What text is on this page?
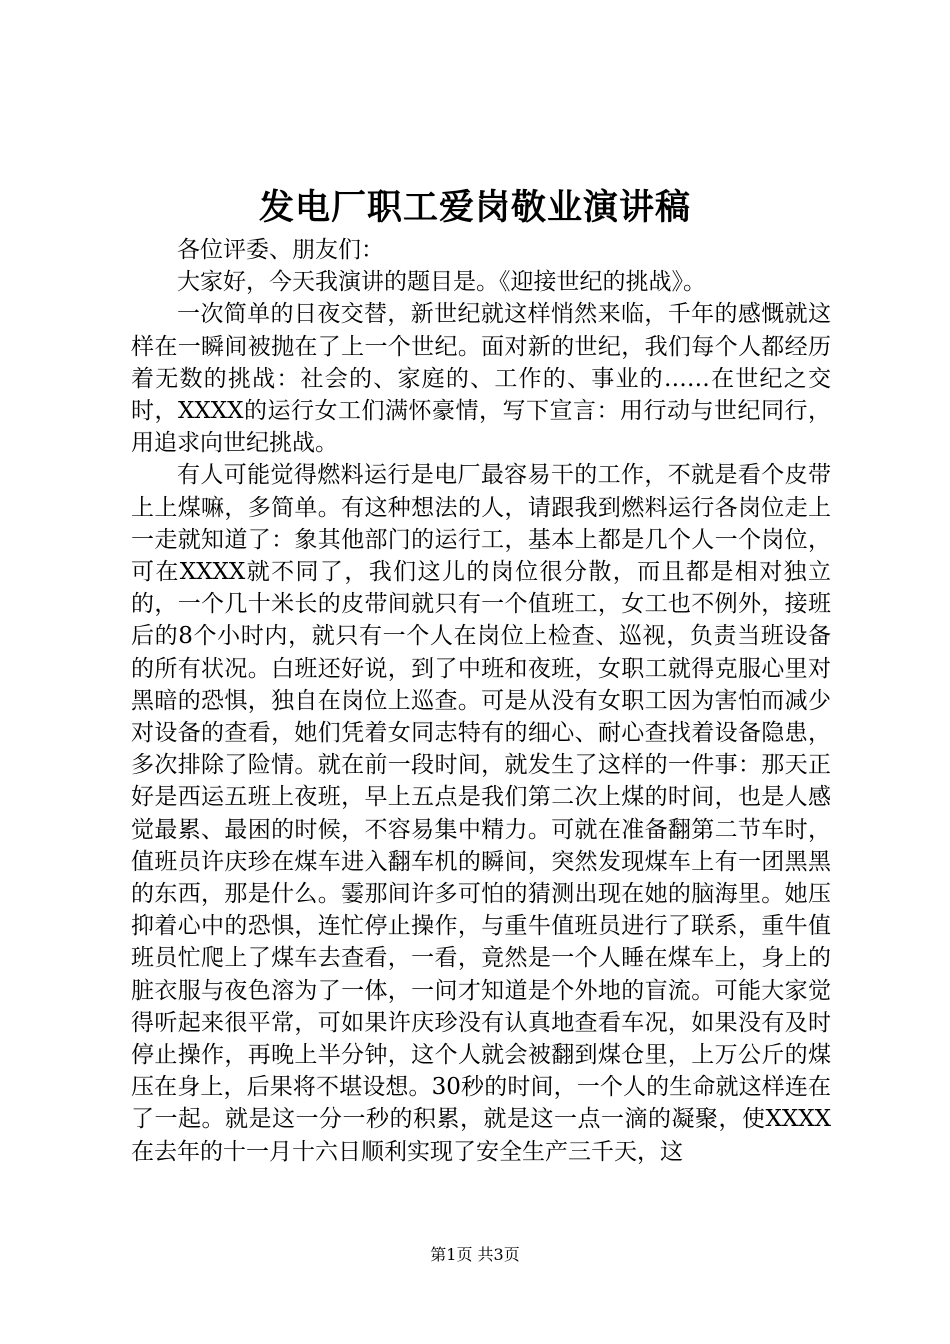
发电厂职工爱岗敬业演讲稿

各位评委、朋友们：

大家好，今天我演讲的题目是。《迎接世纪的挑战》。

一次简单的日夜交替，新世纪就这样悄然来临，千年的感慨就这样在一瞬间被抛在了上一个世纪。面对新的世纪，我们每个人都经历着无数的挑战：社会的、家庭的、工作的、事业的……在世纪之交时，XXXX的运行女工们满怀豪情，写下宣言：用行动与世纪同行，用追求向世纪挑战。

有人可能觉得燃料运行是电厂最容易干的工作，不就是看个皮带上上煤嘛，多简单。有这种想法的人，请跟我到燃料运行各岗位走上一走就知道了：象其他部门的运行工，基本上都是几个人一个岗位，可在XXXX就不同了，我们这儿的岗位很分散，而且都是相对独立的，一个几十米长的皮带间就只有一个值班工，女工也不例外，接班后的8个小时内，就只有一个人在岗位上检查、巡视，负责当班设备的所有状况。白班还好说，到了中班和夜班，女职工就得克服心里对黑暗的恐惧，独自在岗位上巡查。可是从没有女职工因为害怕而减少对设备的查看，她们凭着女同志特有的细心、耐心查找着设备隐患，多次排除了险情。就在前一段时间，就发生了这样的一件事：那天正好是西运五班上夜班，早上五点是我们第二次上煤的时间，也是人感觉最累、最困的时候，不容易集中精力。可就在准备翻第二节车时，值班员许庆珍在煤车进入翻车机的瞬间，突然发现煤车上有一团黑黑的东西，那是什么。霎那间许多可怕的猜测出现在她的脑海里。她压抑着心中的恐惧，连忙停止操作，与重牛值班员进行了联系，重牛值班员忙爬上了煤车去查看，一看，竟然是一个人睡在煤车上，身上的脏衣服与夜色溶为了一体，一问才知道是个外地的盲流。可能大家觉得听起来很平常，可如果许庆珍没有认真地查看车况，如果没有及时停止操作，再晚上半分钟，这个人就会被翻到煤仓里，上万公斤的煤压在身上，后果将不堪设想。30秒的时间，一个人的生命就这样连在了一起。就是这一分一秒的积累，就是这一点一滴的凝聚，使XXXX在去年的十一月十六日顺利实现了安全生产三千天，这

第1页 共3页
